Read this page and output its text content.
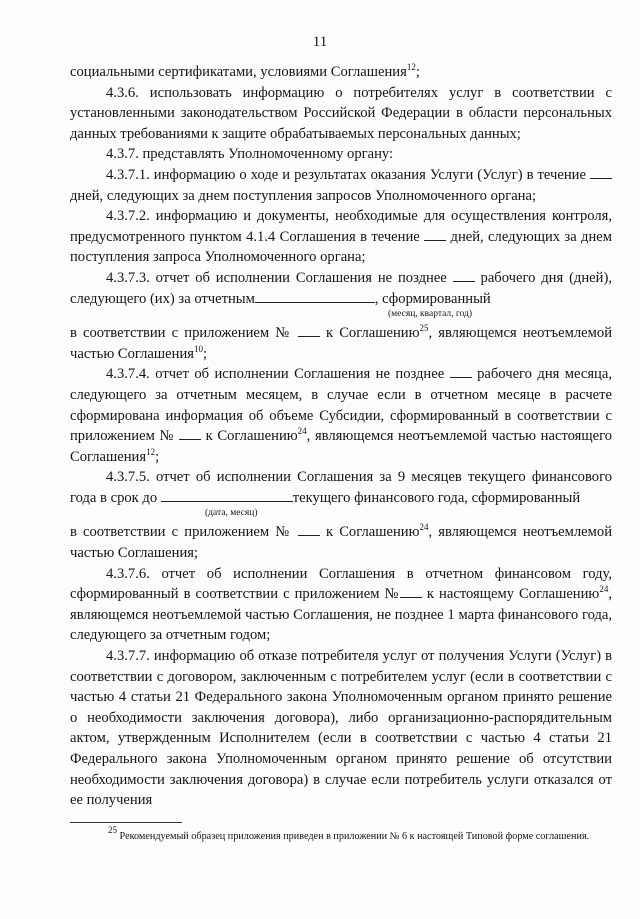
11

социальными сертификатами, условиями Соглашения$^{12}$;

4.3.6. использовать информацию о потребителях услуг в соответствии с установленными законодательством Российской Федерации в области персональных данных требованиями к защите обрабатываемых персональных данных;

4.3.7. представлять Уполномоченному органу:

4.3.7.1. информацию о ходе и результатах оказания Услуги (Услуг) в течение  дней, следующих за днем поступления запросов Уполномоченного органа;

4.3.7.2. информацию и документы, необходимые для осуществления контроля, предусмотренного пунктом 4.1.4 Соглашения в течение дней, следующих за днем поступления запроса Уполномоченного органа;

4.3.7.3. отчет об исполнении Соглашения не позднее рабочего дня (дней), следующего (их) за отчетным	, сформированный

(месяц, квартал, год)

в соответствии с приложением № к Соглашению$^{25}$, являющемся неотъемлемой частью Соглашения$^{10}$;

4.3.7.4. отчет об исполнении Соглашения не позднее рабочего дня месяца, следующего за отчетным месяцем, в случае если в отчетном месяце в расчете сформирована информация об объеме Субсидии, сформированный в соответствии с приложением № к Соглашению$^{24}$, являющемся неотъемлемой частью настоящего Соглашения$^{12}$;

4.3.7.5. отчет об исполнении Соглашения за 9 месяцев текущего финансового года в срок до	текущего финансового года, сформированный

(дата, месяц)

в соответствии с приложением № к Соглашению$^{24}$, являющемся неотъемлемой частью Соглашения;

4.3.7.6. отчет об исполнении Соглашения в отчетном финансовом году, сформированный в соответствии с приложением № к настоящему Соглашению$^{24}$, являющемся неотъемлемой частью Соглашения, не позднее 1 марта финансового года, следующего за отчетным годом;

4.3.7.7. информацию об отказе потребителя услуг от получения Услуги (Услуг) в соответствии с договором, заключенным с потребителем услуг (если в соответствии с частью 4 статьи 21 Федерального закона Уполномоченным органом принято решение о необходимости заключения договора), либо организационно-распорядительным актом, утвержденным Исполнителем (если в соответствии с частью 4 статьи 21 Федерального закона Уполномоченным органом принято решение об отсутствии необходимости заключения договора) в случае если потребитель услуги отказался от ее получения

$^{25}$ Рекомендуемый образец приложения приведен в приложении № 6 к настоящей Типовой форме соглашения.
